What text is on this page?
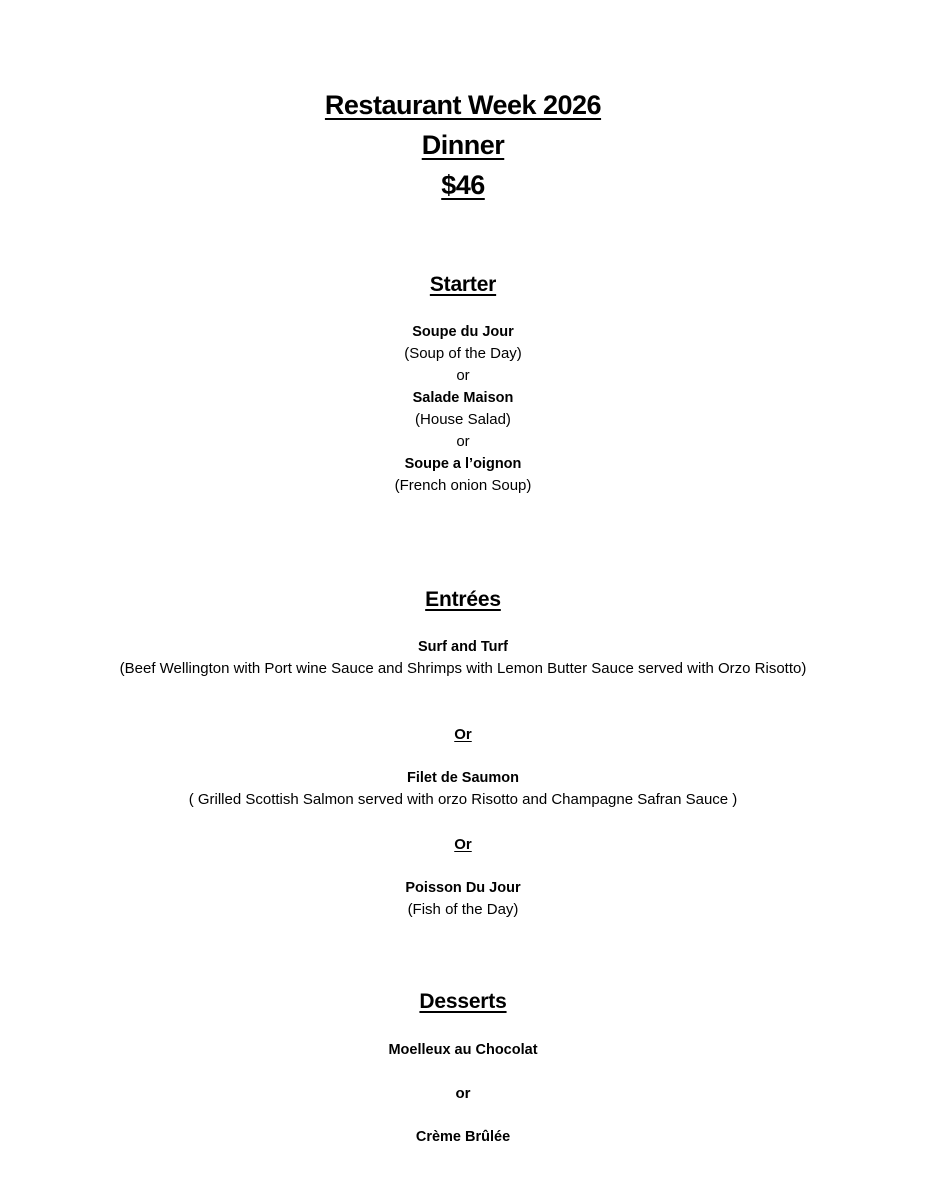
Restaurant Week 2026
Dinner
$46
Starter
Soupe du Jour
(Soup of the Day)
or
Salade Maison
(House Salad)
or
Soupe a l’oignon
(French onion Soup)
Entrées
Surf and Turf
(Beef Wellington with Port wine Sauce and Shrimps with Lemon Butter Sauce served with Orzo Risotto)
Or
Filet de Saumon
( Grilled Scottish Salmon served with orzo Risotto and Champagne Safran Sauce )
Or
Poisson Du Jour
(Fish of the Day)
Desserts
Moelleux au Chocolat
or
Crème Brûlée
